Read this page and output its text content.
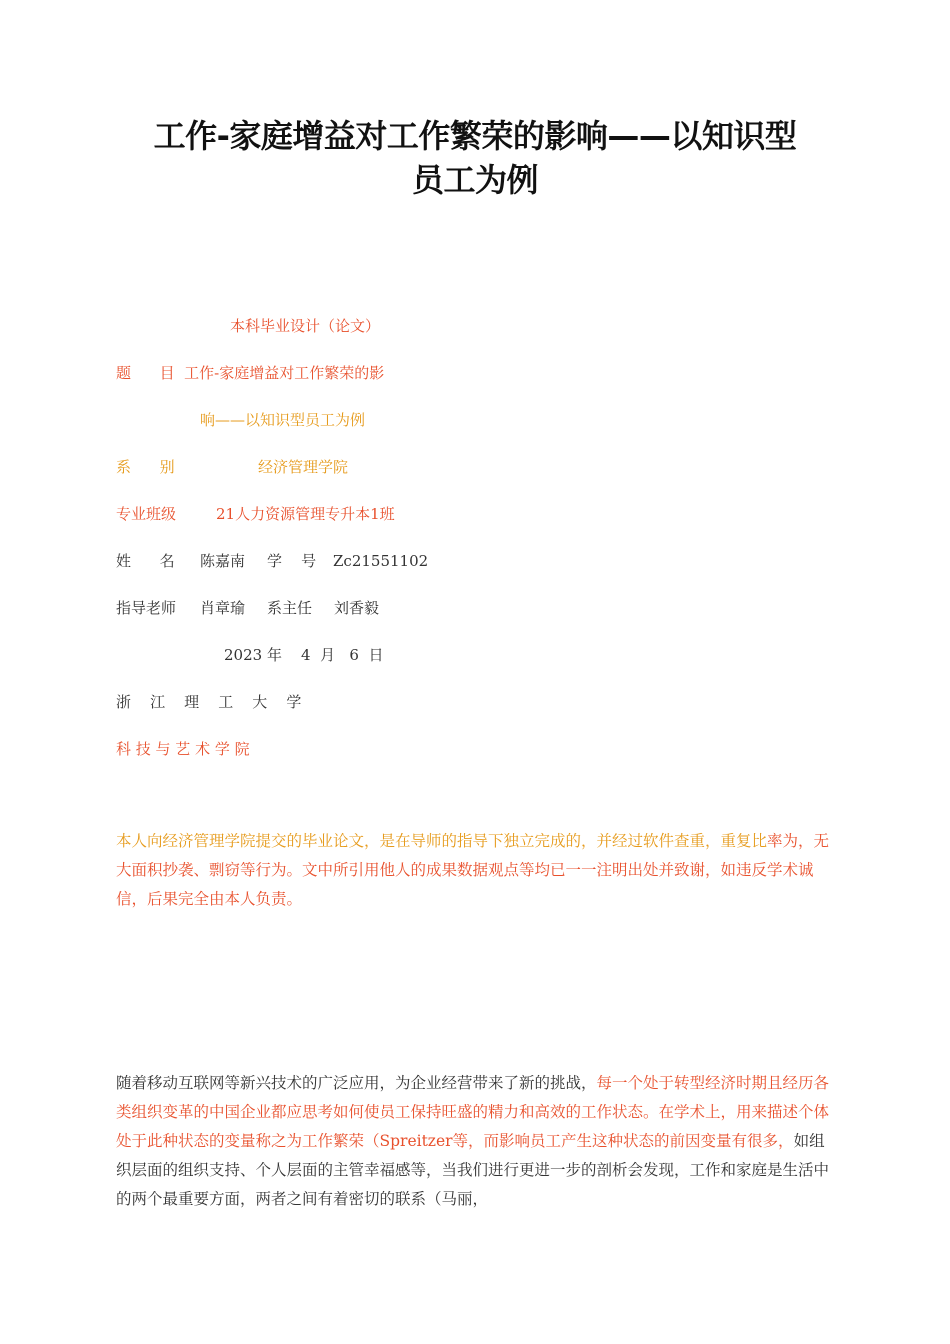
工作-家庭增益对工作繁荣的影响——以知识型
员工为例
本科毕业设计（论文）
题      目 工作-家庭增益对工作繁荣的影
响——以知识型员工为例
系      别	经济管理学院
专业班级	21人力资源管理专升本1班
姓      名 陈嘉南 学    号 Zc21551102
指导老师 肖章瑜 系主任 刘香毅
2023 年    4  月   6  日
浙    江    理    工    大    学
科 技 与 艺 术 学 院
本人向经济管理学院提交的毕业论文，是在导师的指导下独立完成的，并经过软件查重，重复比率为，无大面积抄袭、剽窃等行为。文中所引用他人的成果数据观点等均已一一注明出处并致谢，如违反学术诚信，后果完全由本人负责。
随着移动互联网等新兴技术的广泛应用，为企业经营带来了新的挑战，每一个处于转型经济时期且经历各类组织变革的中国企业都应思考如何使员工保持旺盛的精力和高效的工作状态。在学术上，用来描述个体处于此种状态的变量称之为工作繁荣（Spreitzer等，而影响员工产生这种状态的前因变量有很多，如组织层面的组织支持、个人层面的主管幸福感等，当我们进行更进一步的剖析会发现，工作和家庭是生活中的两个最重要方面，两者之间有着密切的联系（马丽，
